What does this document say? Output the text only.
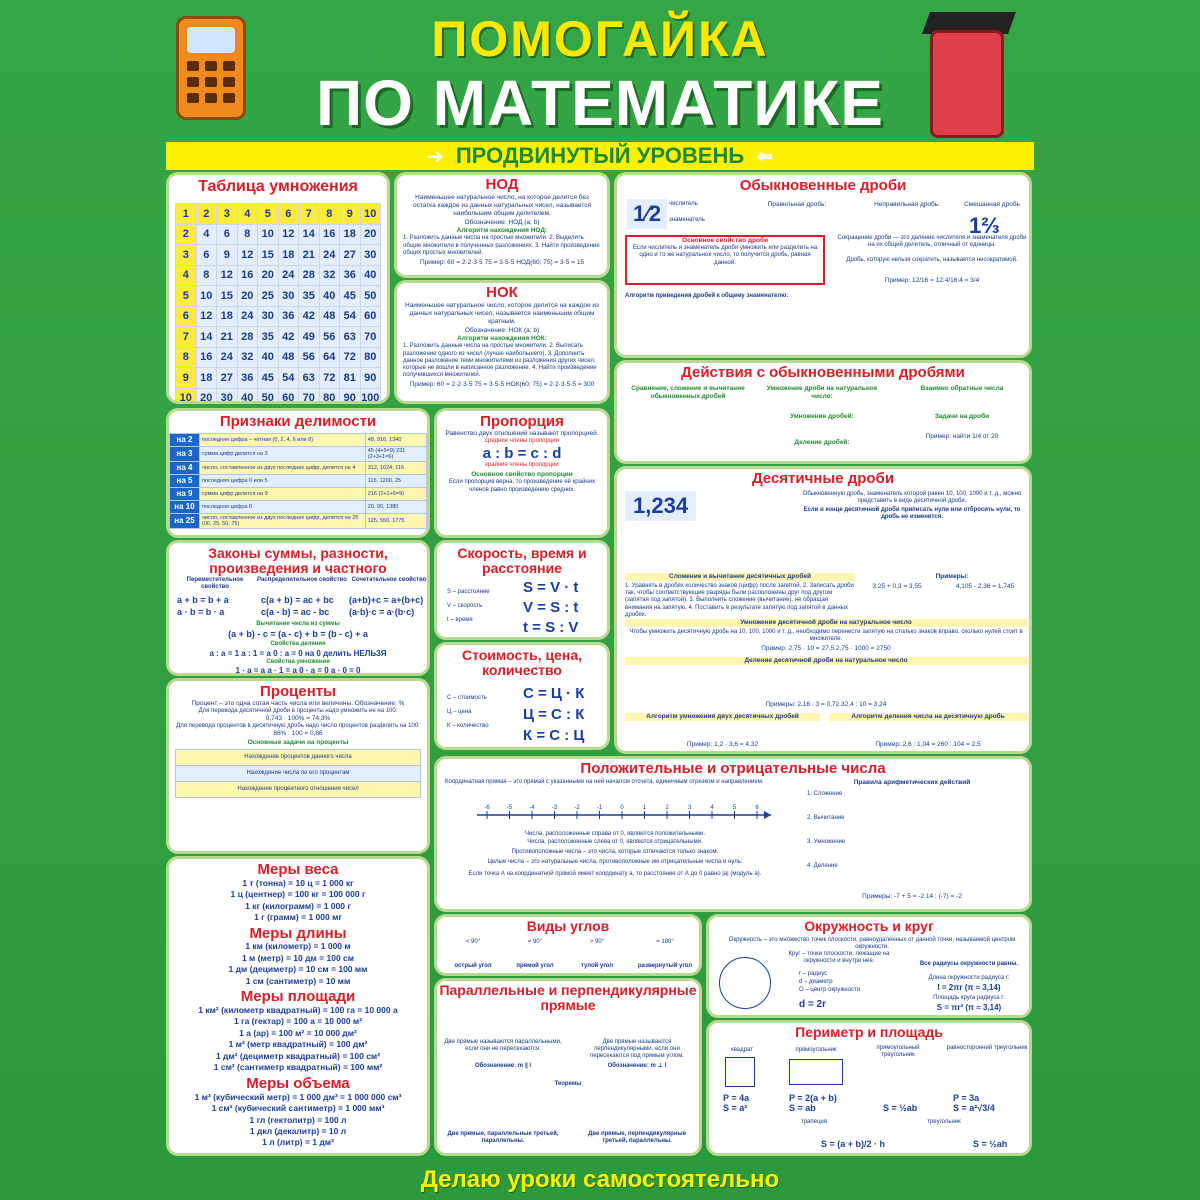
ПОМОГАЙКА
ПО МАТЕМАТИКЕ
➜ ПРОДВИНУТЫЙ УРОВЕНЬ ⬅
Таблица умножения
1	2	3	4	5	6	7	8	9	10
2	4	6	8	10	12	14	16	18	20
3	6	9	12	15	18	21	24	27	30
4	8	12	16	20	24	28	32	36	40
5	10	15	20	25	30	35	40	45	50
6	12	18	24	30	36	42	48	54	60
7	14	21	28	35	42	49	56	63	70
8	16	24	32	40	48	56	64	72	80
9	18	27	36	45	54	63	72	81	90
10	20	30	40	50	60	70	80	90	100
НОД
Наименьшее натуральное число, на которое делится без остатка каждое из данных натуральных чисел, называется наибольшим общим делителем.
Обозначение: НОД (a; b)
Алгоритм нахождения НОД:
1. Разложить данные числа на простые множители. 2. Выделить общие множители в полученных разложениях. 3. Найти произведение общих простых множителей.
Пример: 60 = 2·2·3·5 75 = 3·5·5 НОД(60; 75) = 3·5 = 15
НОК
Наименьшее натуральное число, которое делится на каждое из данных натуральных чисел, называется наименьшим общим кратным.
Обозначение: НОК (a; b)
Алгоритм нахождения НОК:
1. Разложить данные числа на простые множители. 2. Выписать разложение одного из чисел (лучше наибольшего). 3. Дополнить данное разложение теми множителями из разложения других чисел, которые не вошли в написанное разложение. 4. Найти произведение получившихся множителей.
Пример: 60 = 2·2·3·5 75 = 3·5·5 НОК(60; 75) = 2·2·3·5·5 = 300
Обыкновенные дроби
1⁄2	числитель
знаменатель
Правильная дробь:	Неправильная дробь:	Смешанная дробь
1⅔
Основное свойство дроби
Если числитель и знаменатель дроби умножить или разделить на одно и то же натуральное число, то получится дробь, равная данной.
Сокращение дроби — это деление числителя и знаменателя дроби на их общий делитель, отличный от единицы.
Дробь, которую нельзя сократить, называется несократимой.
Пример: 12/16 = 12:4/16:4 = 3/4
Алгоритм приведения дробей к общему знаменателю:
Действия с обыкновенными дробями
Сравнение, сложение и вычитание обыкновенных дробей
Умножение дроби на натуральное число:
Взаимно обратные числа
Умножение дробей:	Задачи на дроби
Деление дробей:
Пример: найти 1/4 от 20
Признаки делимости
на 2	последняя цифра – четная (0, 2, 4, 6 или 8)	48, 916, 1340
на 3	сумма цифр делится на 3	45 (4+5=9) 231 (2+3+1=6)
на 4	число, составленное из двух последних цифр, делится на 4	312, 1024, 116
на 5	последняя цифра 0 или 5	115, 1200, 25
на 9	сумма цифр делится на 9	216 (2+1+6=9)
на 10	последняя цифра 0	20, 90, 1380
на 25	число, составленное из двух последних цифр, делится на 25 (00, 25, 50, 75)	125, 550, 1775
Пропорция
Равенство двух отношений называют пропорцией.
средние члены пропорции
a : b = c : d
крайние члены пропорции
Основное свойство пропорции
Если пропорция верна, то произведение её крайних членов равно произведению средних.
Законы суммы, разности, произведения и частного
Переместительное свойство
Распределительное свойство Сочетательное свойство
a + b = b + a	c(a + b) = ac + bc (a+b)+c = a+(b+c)
a · b = b · a	c(a - b) = ac - bc (a·b)·c = a·(b·c)
Вычитание числа из суммы
(a + b) - c = (a - c) + b = (b - c) + a
Свойства деления
a : a = 1 a : 1 = a 0 : a = 0 на 0 делить НЕЛЬЗЯ
Свойства умножения
1 · a = a a · 1 = a 0 · a = 0 a · 0 = 0
Скорость, время и расстояние
S – расстояние
V – скорость
t – время
S = V · t
V = S : t
t = S : V
Стоимость, цена, количество
С – стоимость
Ц – цена
К – количество
С = Ц · К
Ц = С : К
К = С : Ц
Проценты
Процент – это одна сотая часть числа или величины. Обозначение: %
Для перевода десятичной дроби в проценты надо умножить ее на 100:
0,743 · 100% = 74,3%
Для перевода процентов в десятичную дробь надо число процентов разделить на 100:
86% : 100 = 0,86
Основные задачи на проценты
Нахождение процентов данного числа
Нахождение числа по его процентам
Нахождение процентного отношения чисел
Меры веса
1 т (тонна) = 10 ц = 1 000 кг
1 ц (центнер) = 100 кг = 100 000 г
1 кг (килограмм) = 1 000 г
1 г (грамм) = 1 000 мг
Меры длины
1 км (километр) = 1 000 м
1 м (метр) = 10 дм = 100 см
1 дм (дециметр) = 10 см = 100 мм
1 см (сантиметр) = 10 мм
Меры площади
1 км² (километр квадратный) = 100 га = 10 000 а
1 га (гектар) = 100 а = 10 000 м²
1 а (ар) = 100 м² = 10 000 дм²
1 м² (метр квадратный) = 100 дм²
1 дм² (дециметр квадратный) = 100 см²
1 см² (сантиметр квадратный) = 100 мм²
Меры объема
1 м³ (кубический метр) = 1 000 дм³ = 1 000 000 см³
1 см³ (кубический сантиметр) = 1 000 мм³
1 гл (гектолитр) = 100 л
1 дкл (декалитр) = 10 л
1 л (литр) = 1 дм³
Десятичные дроби
1,234	Обыкновенную дробь, знаменатель которой равен 10, 100, 1000 и т. д., можно представить в виде десятичной дроби.
Если в конце десятичной дроби приписать нули или отбросить нули, то дробь не изменится.
Сложение и вычитание десятичных дробей
1. Уравнять в дробях количество знаков (цифр) после запятой. 2. Записать дроби так, чтобы соответствующие разряды были расположены друг под другом (запятая под запятой). 3. Выполнить сложение (вычитание), не обращая внимания на запятую. 4. Поставить в результате запятую под запятой в данных дробях.
Примеры:
3,25 + 0,3 = 3,55	4,105 - 2,36 = 1,745
Умножение десятичной дроби на натуральное число
Чтобы умножить десятичную дробь на 10, 100, 1000 и т. д., необходимо перенести запятую на столько знаков вправо, сколько нулей стоит в множителе.
Пример: 2,75 · 10 = 27,5 2,75 · 1000 = 2750
Деление десятичной дроби на натуральное число
Примеры: 2,16 : 3 = 0,72 32,4 : 10 = 3,24
Алгоритм умножения двух десятичных дробей
Пример: 1,2 · 3,6 = 4,32
Алгоритм деления числа на десятичную дробь
Пример: 2,6 : 1,04 = 260 : 104 = 2,5
Положительные и отрицательные числа
Координатная прямая – это прямая с указанными на ней началом отсчета, единичным отрезком и направлением.
-6	-5	-4	-3	-2	-1	0	1	2	3	4	5	6
Числа, расположенные справа от 0, являются положительными.
Числа, расположенные слева от 0, являются отрицательными.
Противоположные числа – это числа, которые отличаются только знаком.
Целые числа – это натуральные числа, противоположные им отрицательные числа и нуль:
Если точка А на координатной прямой имеет координату а, то расстояние от А до 0 равно |а| (модуль а).
Правила арифметических действий
1. Сложение
2. Вычитание
3. Умножение
4. Деление
Примеры: -7 + 5 = -2 14 : (-7) = -2
Виды углов
< 90°	= 90°	> 90°	= 180°
острый угол	прямой угол	тупой угол	развернутый угол
Параллельные и перпендикулярные прямые
Две прямые называются параллельными, если они не пересекаются.
Обозначение: m ∥ l
Две прямые называются перпендикулярными, если они пересекаются под прямым углом.
Обозначение: m ⊥ l
Теоремы
Две прямые, параллельные третьей, параллельны.
Две прямые, перпендикулярные третьей, параллельны.
Окружность и круг
Окружность – это множество точек плоскости, равноудаленных от данной точки, называемой центром окружности.
Круг – точки плоскости, лежащие на окружности и внутри нее.
r – радиус
d – диаметр
O – центр окружности
d = 2r
Все радиусы окружности равны.
Длина окружности радиуса r:
l = 2πr (π ≈ 3,14)
Площадь круга радиуса r:
S = πr² (π ≈ 3,14)
Периметр и площадь
квадрат
P = 4a
S = a²
прямоугольник
P = 2(a + b)
S = ab
прямоугольный треугольник
S = ½ab
равносторонний треугольник
P = 3a
S = a²√3/4
трапеция
S = (a + b)/2 · h
треугольник
S = ½ah
Делаю уроки самостоятельно
